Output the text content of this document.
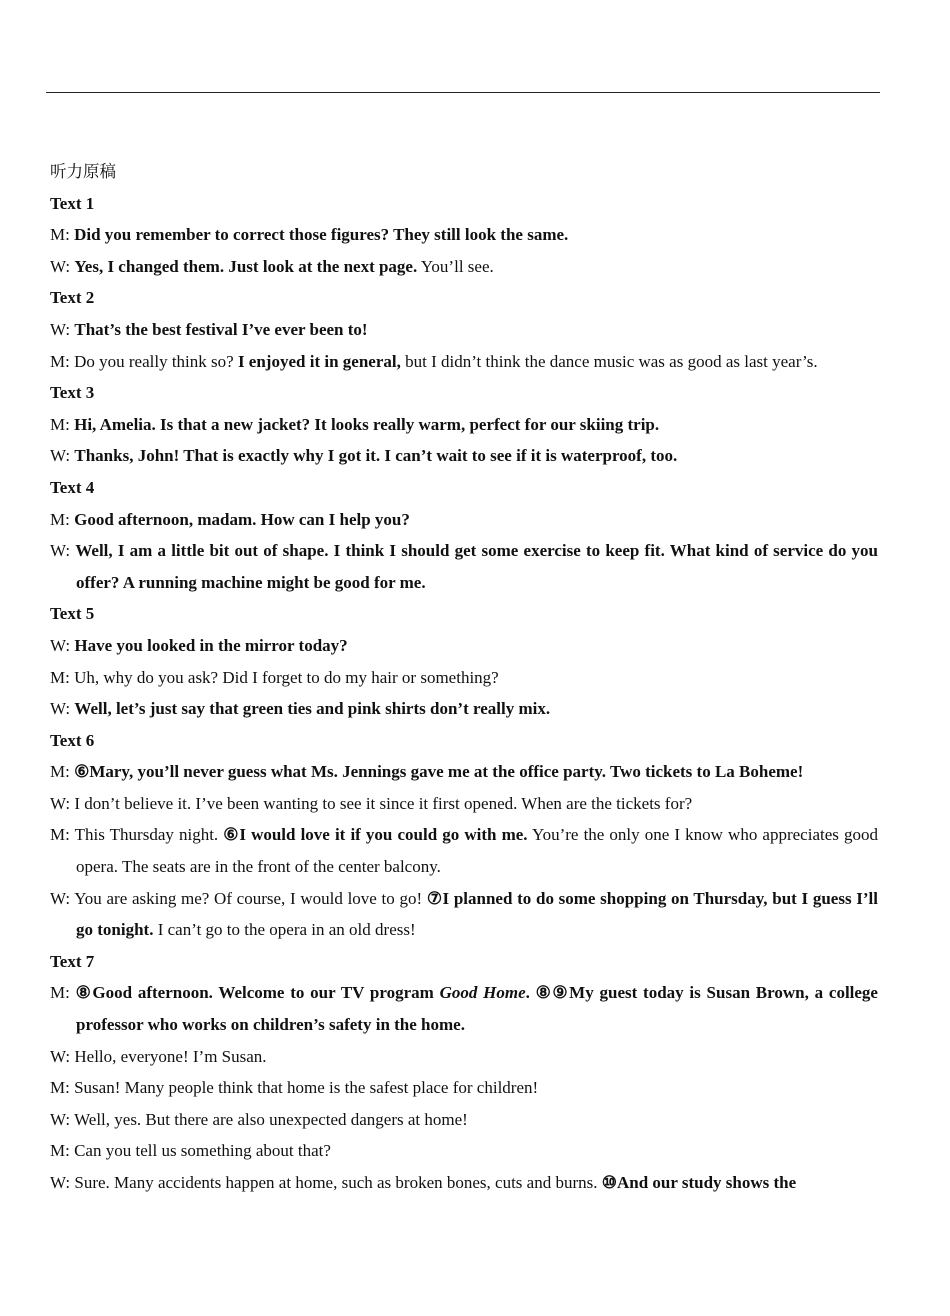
听力原稿

Text 1

M: Did you remember to correct those figures? They still look the same.

W: Yes, I changed them. Just look at the next page. You’ll see.

Text 2

W: That’s the best festival I’ve ever been to!

M: Do you really think so? I enjoyed it in general, but I didn’t think the dance music was as good as last year’s.

Text 3

M: Hi, Amelia. Is that a new jacket? It looks really warm, perfect for our skiing trip.

W: Thanks, John! That is exactly why I got it. I can’t wait to see if it is waterproof, too.

Text 4

M: Good afternoon, madam. How can I help you?

W: Well, I am a little bit out of shape. I think I should get some exercise to keep fit. What kind of service do you offer? A running machine might be good for me.

Text 5

W: Have you looked in the mirror today?

M: Uh, why do you ask? Did I forget to do my hair or something?

W: Well, let’s just say that green ties and pink shirts don’t really mix.

Text 6

M: ⑥Mary, you’ll never guess what Ms. Jennings gave me at the office party. Two tickets to La Boheme!

W: I don’t believe it. I’ve been wanting to see it since it first opened. When are the tickets for?

M: This Thursday night. ⑥I would love it if you could go with me. You’re the only one I know who appreciates good opera. The seats are in the front of the center balcony.

W: You are asking me? Of course, I would love to go! ⑦I planned to do some shopping on Thursday, but I guess I’ll go tonight. I can’t go to the opera in an old dress!

Text 7

M: ⑧Good afternoon. Welcome to our TV program Good Home. ⑧⑨My guest today is Susan Brown, a college professor who works on children’s safety in the home.

W: Hello, everyone! I’m Susan.

M: Susan! Many people think that home is the safest place for children!

W: Well, yes. But there are also unexpected dangers at home!

M: Can you tell us something about that?

W: Sure. Many accidents happen at home, such as broken bones, cuts and burns. ⑩And our study shows the
